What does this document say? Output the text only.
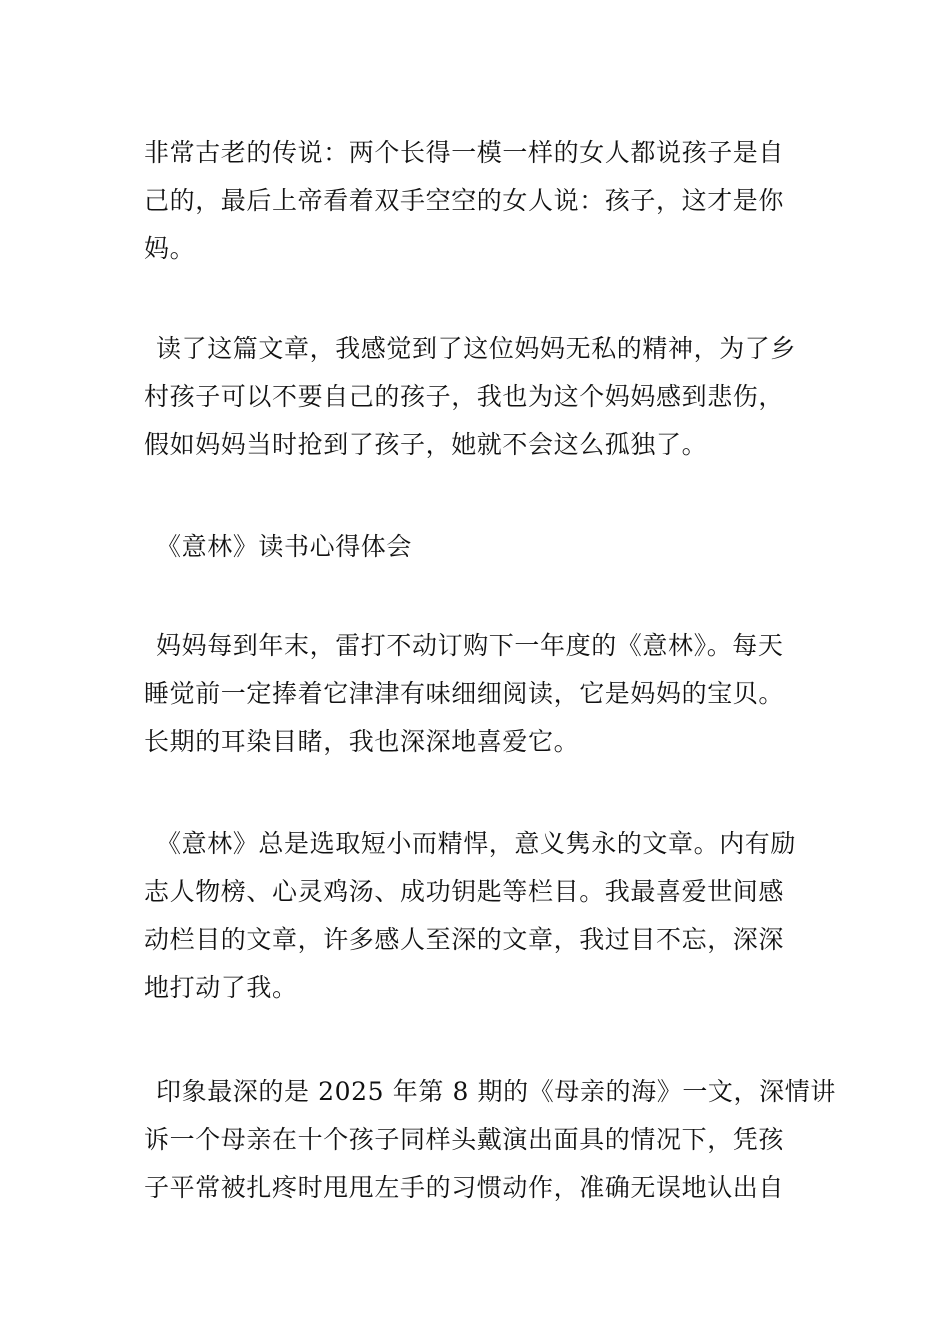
非常古老的传说：两个长得一模一样的女人都说孩子是自
己的，最后上帝看着双手空空的女人说：孩子，这才是你
妈。

读了这篇文章，我感觉到了这位妈妈无私的精神，为了乡
村孩子可以不要自己的孩子，我也为这个妈妈感到悲伤，
假如妈妈当时抢到了孩子，她就不会这么孤独了。

《意林》读书心得体会

妈妈每到年末，雷打不动订购下一年度的《意林》。每天
睡觉前一定捧着它津津有味细细阅读，它是妈妈的宝贝。
长期的耳染目睹，我也深深地喜爱它。

《意林》总是选取短小而精悍，意义隽永的文章。内有励
志人物榜、心灵鸡汤、成功钥匙等栏目。我最喜爱世间感
动栏目的文章，许多感人至深的文章，我过目不忘，深深
地打动了我。

印象最深的是 2025 年第 8 期的《母亲的海》一文，深情讲
诉一个母亲在十个孩子同样头戴演出面具的情况下，凭孩
子平常被扎疼时甩甩左手的习惯动作，准确无误地认出自
